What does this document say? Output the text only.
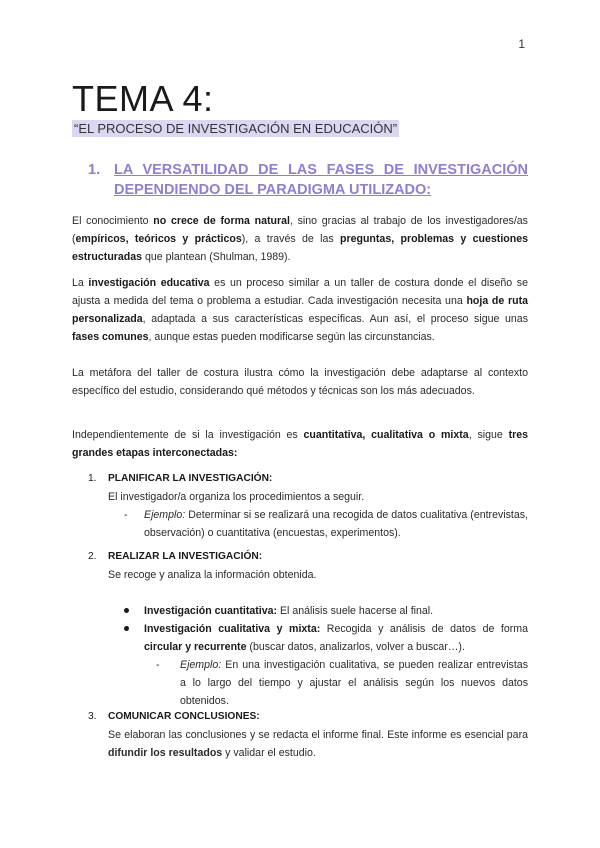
1
TEMA 4:

“EL PROCESO DE INVESTIGACIÓN EN EDUCACIÓN”

1. LA VERSATILIDAD DE LAS FASES DE INVESTIGACIÓN DEPENDIENDO DEL PARADIGMA UTILIZADO:

El conocimiento no crece de forma natural, sino gracias al trabajo de los investigadores/as (empíricos, teóricos y prácticos), a través de las preguntas, problemas y cuestiones estructuradas que plantean (Shulman, 1989).

La investigación educativa es un proceso similar a un taller de costura donde el diseño se ajusta a medida del tema o problema a estudiar. Cada investigación necesita una hoja de ruta personalizada, adaptada a sus características específicas. Aun así, el proceso sigue unas fases comunes, aunque estas pueden modificarse según las circunstancias.

La metáfora del taller de costura ilustra cómo la investigación debe adaptarse al contexto específico del estudio, considerando qué métodos y técnicas son los más adecuados.

Independientemente de si la investigación es cuantitativa, cualitativa o mixta, sigue tres grandes etapas interconectadas:

1. PLANIFICAR LA INVESTIGACIÓN:
El investigador/a organiza los procedimientos a seguir.
- Ejemplo: Determinar si se realizará una recogida de datos cualitativa (entrevistas, observación) o cuantitativa (encuestas, experimentos).
2. REALIZAR LA INVESTIGACIÓN:
Se recoge y analiza la información obtenida.
Investigación cuantitativa: El análisis suele hacerse al final.
Investigación cualitativa y mixta: Recogida y análisis de datos de forma circular y recurrente (buscar datos, analizarlos, volver a buscar…).
- Ejemplo: En una investigación cualitativa, se pueden realizar entrevistas a lo largo del tiempo y ajustar el análisis según los nuevos datos obtenidos.
3. COMUNICAR CONCLUSIONES:
Se elaboran las conclusiones y se redacta el informe final. Este informe es esencial para difundir los resultados y validar el estudio.
